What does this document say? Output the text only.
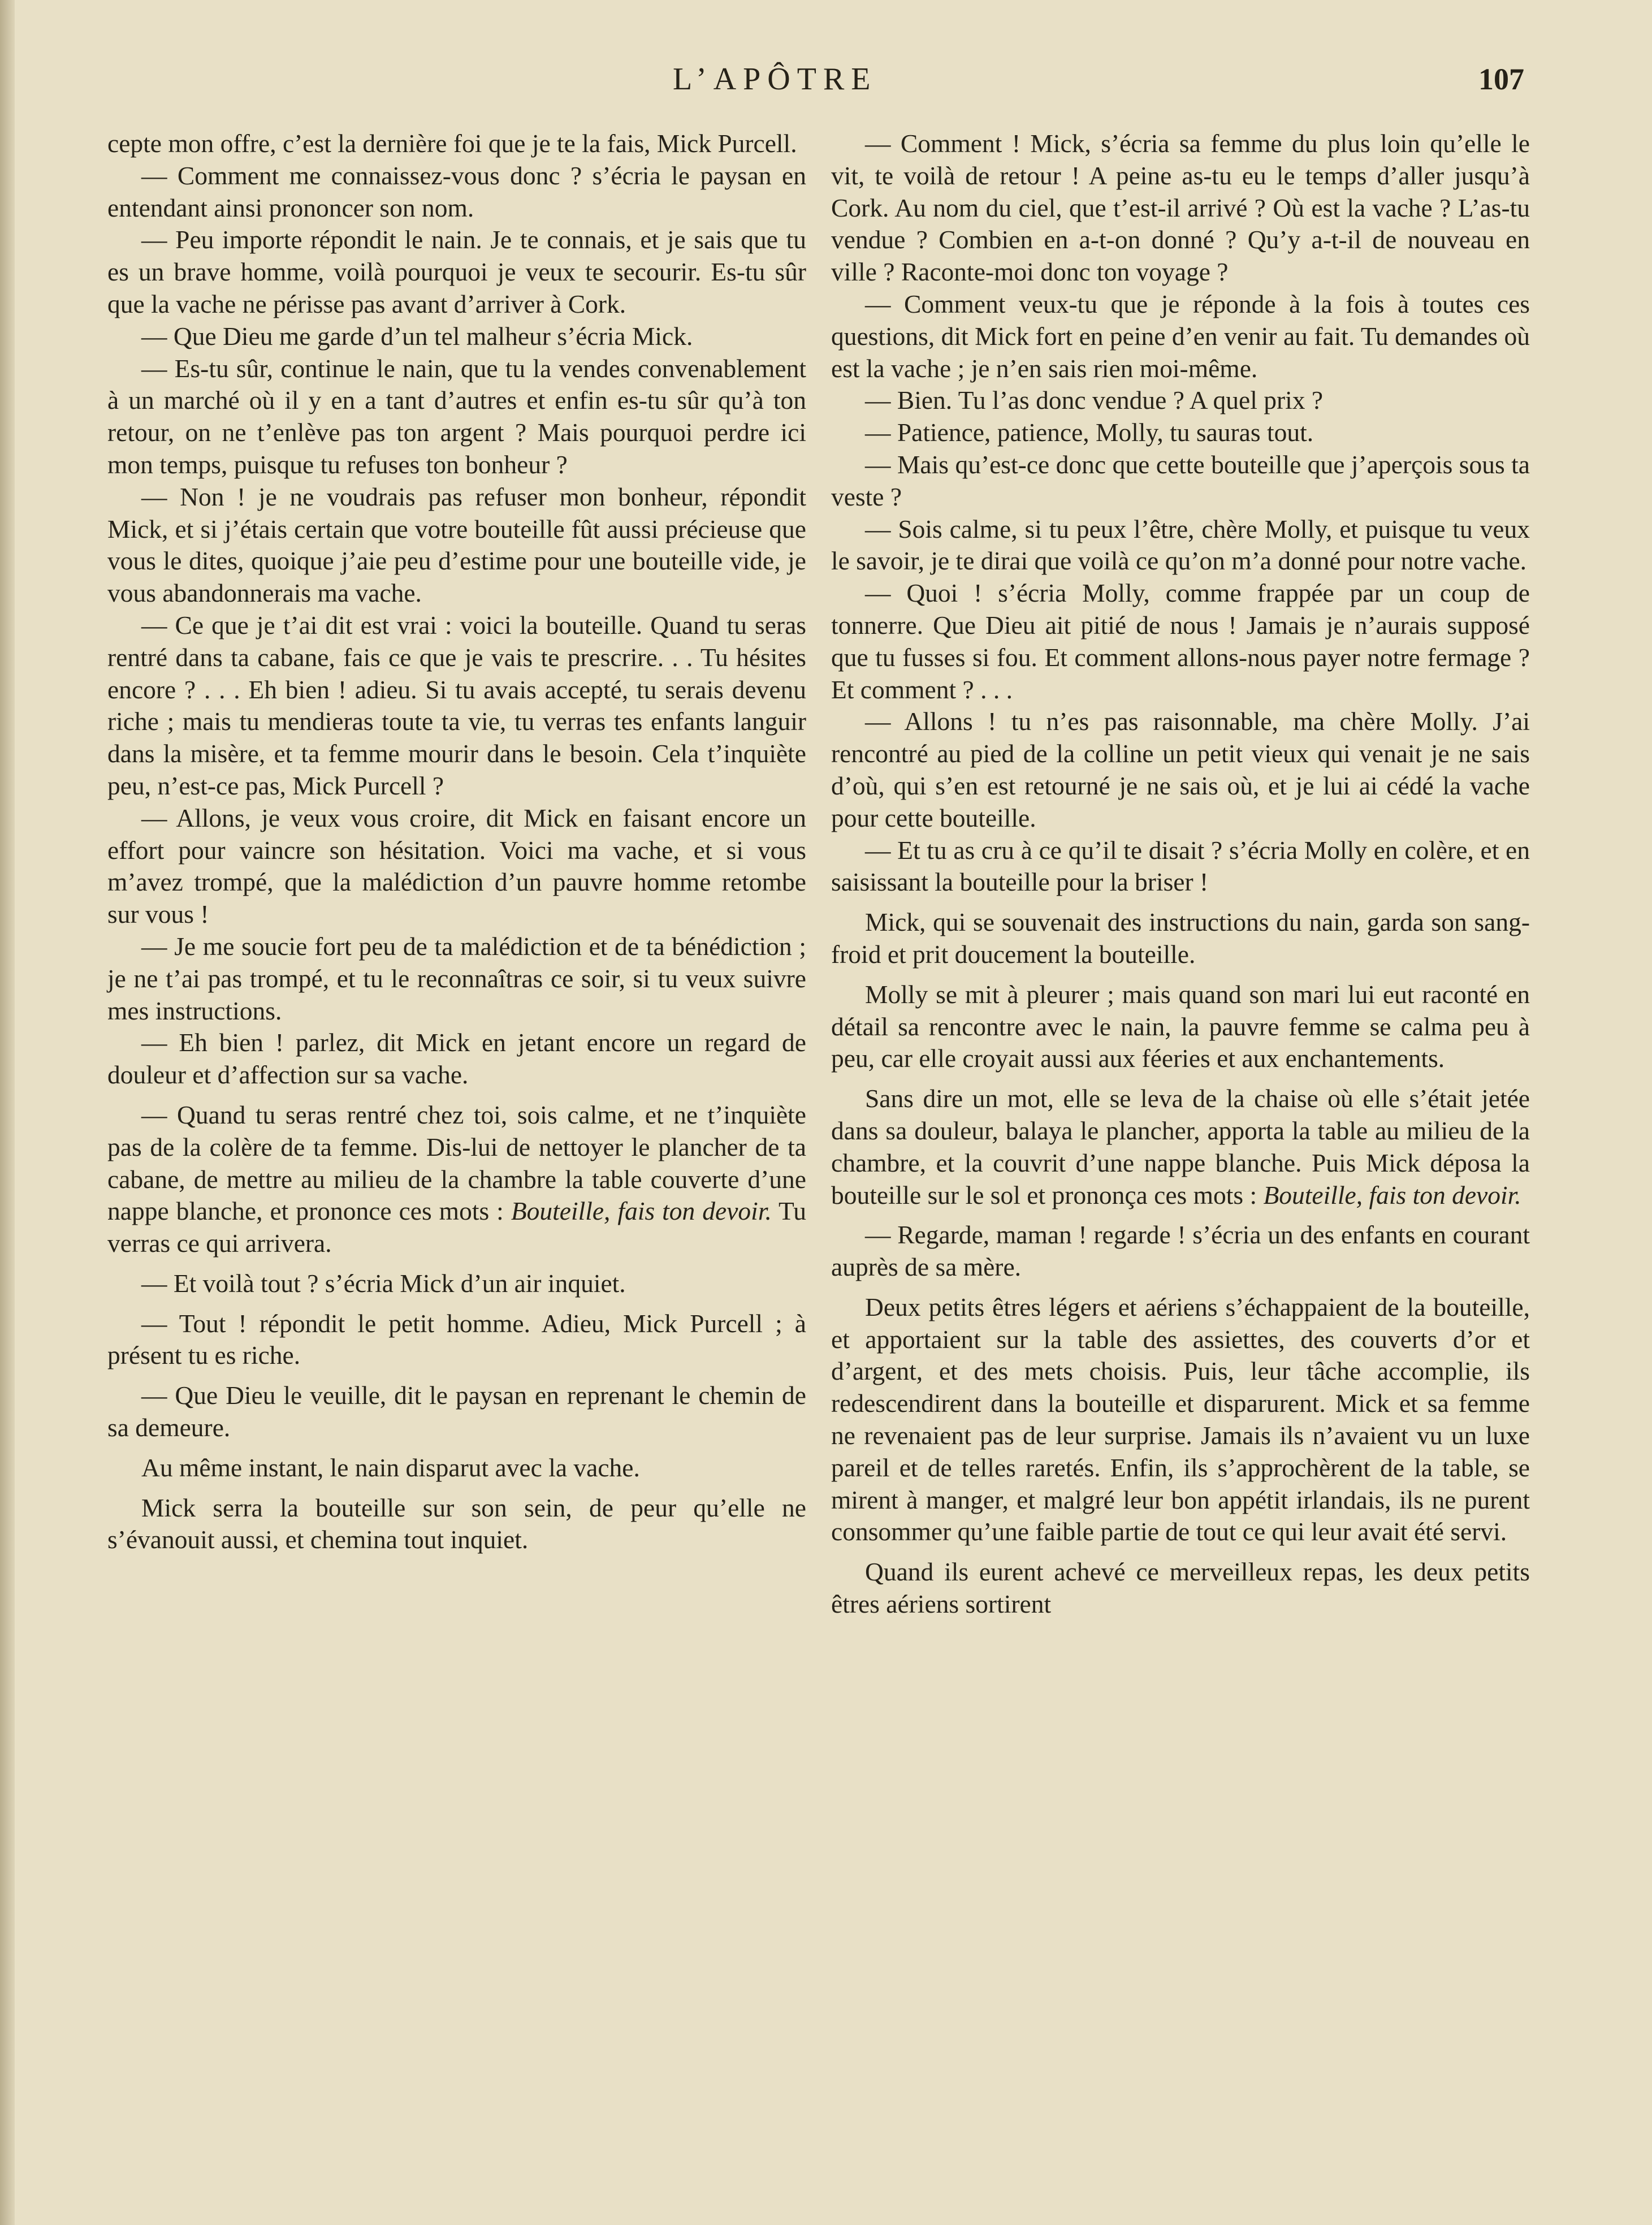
L’APÔTRE	107

cepte mon offre, c’est la dernière foi que je te la fais, Mick Purcell.

— Comment me connaissez-vous donc ? s’écria le paysan en entendant ainsi prononcer son nom.

— Peu importe répondit le nain. Je te connais, et je sais que tu es un brave homme, voilà pourquoi je veux te secourir. Es-tu sûr que la vache ne périsse pas avant d’arriver à Cork.

— Que Dieu me garde d’un tel malheur s’écria Mick.

— Es-tu sûr, continue le nain, que tu la vendes convenablement à un marché où il y en a tant d’autres et enfin es-tu sûr qu’à ton retour, on ne t’enlève pas ton argent ? Mais pourquoi perdre ici mon temps, puisque tu refuses ton bonheur ?

— Non ! je ne voudrais pas refuser mon bonheur, répondit Mick, et si j’étais certain que votre bouteille fût aussi précieuse que vous le dites, quoique j’aie peu d’estime pour une bouteille vide, je vous abandonnerais ma vache.

— Ce que je t’ai dit est vrai : voici la bouteille. Quand tu seras rentré dans ta cabane, fais ce que je vais te prescrire. . . Tu hésites encore ? . . . Eh bien ! adieu. Si tu avais accepté, tu serais devenu riche ; mais tu mendieras toute ta vie, tu verras tes enfants languir dans la misère, et ta femme mourir dans le besoin. Cela t’inquiète peu, n’est-ce pas, Mick Purcell ?

— Allons, je veux vous croire, dit Mick en faisant encore un effort pour vaincre son hésitation. Voici ma vache, et si vous m’avez trompé, que la malédiction d’un pauvre homme retombe sur vous !

— Je me soucie fort peu de ta malédiction et de ta bénédiction ; je ne t’ai pas trompé, et tu le reconnaîtras ce soir, si tu veux suivre mes instructions.

— Eh bien ! parlez, dit Mick en jetant encore un regard de douleur et d’affection sur sa vache.

— Quand tu seras rentré chez toi, sois calme, et ne t’inquiète pas de la colère de ta femme. Dis-lui de nettoyer le plancher de ta cabane, de mettre au milieu de la chambre la table couverte d’une nappe blanche, et prononce ces mots : Bouteille, fais ton devoir. Tu verras ce qui arrivera.

— Et voilà tout ? s’écria Mick d’un air inquiet.

— Tout ! répondit le petit homme. Adieu, Mick Purcell ; à présent tu es riche.

— Que Dieu le veuille, dit le paysan en reprenant le chemin de sa demeure.

Au même instant, le nain disparut avec la vache.

Mick serra la bouteille sur son sein, de peur qu’elle ne s’évanouit aussi, et chemina tout inquiet.

— Comment ! Mick, s’écria sa femme du plus loin qu’elle le vit, te voilà de retour ! A peine as-tu eu le temps d’aller jusqu’à Cork. Au nom du ciel, que t’est-il arrivé ? Où est la vache ? L’as-tu vendue ? Combien en a-t-on donné ? Qu’y a-t-il de nouveau en ville ? Raconte-moi donc ton voyage ?

— Comment veux-tu que je réponde à la fois à toutes ces questions, dit Mick fort en peine d’en venir au fait. Tu demandes où est la vache ; je n’en sais rien moi-même.

— Bien. Tu l’as donc vendue ? A quel prix ?

— Patience, patience, Molly, tu sauras tout.

— Mais qu’est-ce donc que cette bouteille que j’aperçois sous ta veste ?

— Sois calme, si tu peux l’être, chère Molly, et puisque tu veux le savoir, je te dirai que voilà ce qu’on m’a donné pour notre vache.

— Quoi ! s’écria Molly, comme frappée par un coup de tonnerre. Que Dieu ait pitié de nous ! Jamais je n’aurais supposé que tu fusses si fou. Et comment allons-nous payer notre fermage ? Et comment ? . . .

— Allons ! tu n’es pas raisonnable, ma chère Molly. J’ai rencontré au pied de la colline un petit vieux qui venait je ne sais d’où, qui s’en est retourné je ne sais où, et je lui ai cédé la vache pour cette bouteille.

— Et tu as cru à ce qu’il te disait ? s’écria Molly en colère, et en saisissant la bouteille pour la briser !

Mick, qui se souvenait des instructions du nain, garda son sang-froid et prit doucement la bouteille.

Molly se mit à pleurer ; mais quand son mari lui eut raconté en détail sa rencontre avec le nain, la pauvre femme se calma peu à peu, car elle croyait aussi aux féeries et aux enchantements.

Sans dire un mot, elle se leva de la chaise où elle s’était jetée dans sa douleur, balaya le plancher, apporta la table au milieu de la chambre, et la couvrit d’une nappe blanche. Puis Mick déposa la bouteille sur le sol et prononça ces mots : Bouteille, fais ton devoir.

— Regarde, maman ! regarde ! s’écria un des enfants en courant auprès de sa mère.

Deux petits êtres légers et aériens s’échappaient de la bouteille, et apportaient sur la table des assiettes, des couverts d’or et d’argent, et des mets choisis. Puis, leur tâche accomplie, ils redescendirent dans la bouteille et disparurent. Mick et sa femme ne revenaient pas de leur surprise. Jamais ils n’avaient vu un luxe pareil et de telles raretés. Enfin, ils s’approchèrent de la table, se mirent à manger, et malgré leur bon appétit irlandais, ils ne purent consommer qu’une faible partie de tout ce qui leur avait été servi.

Quand ils eurent achevé ce merveilleux repas, les deux petits êtres aériens sortirent
